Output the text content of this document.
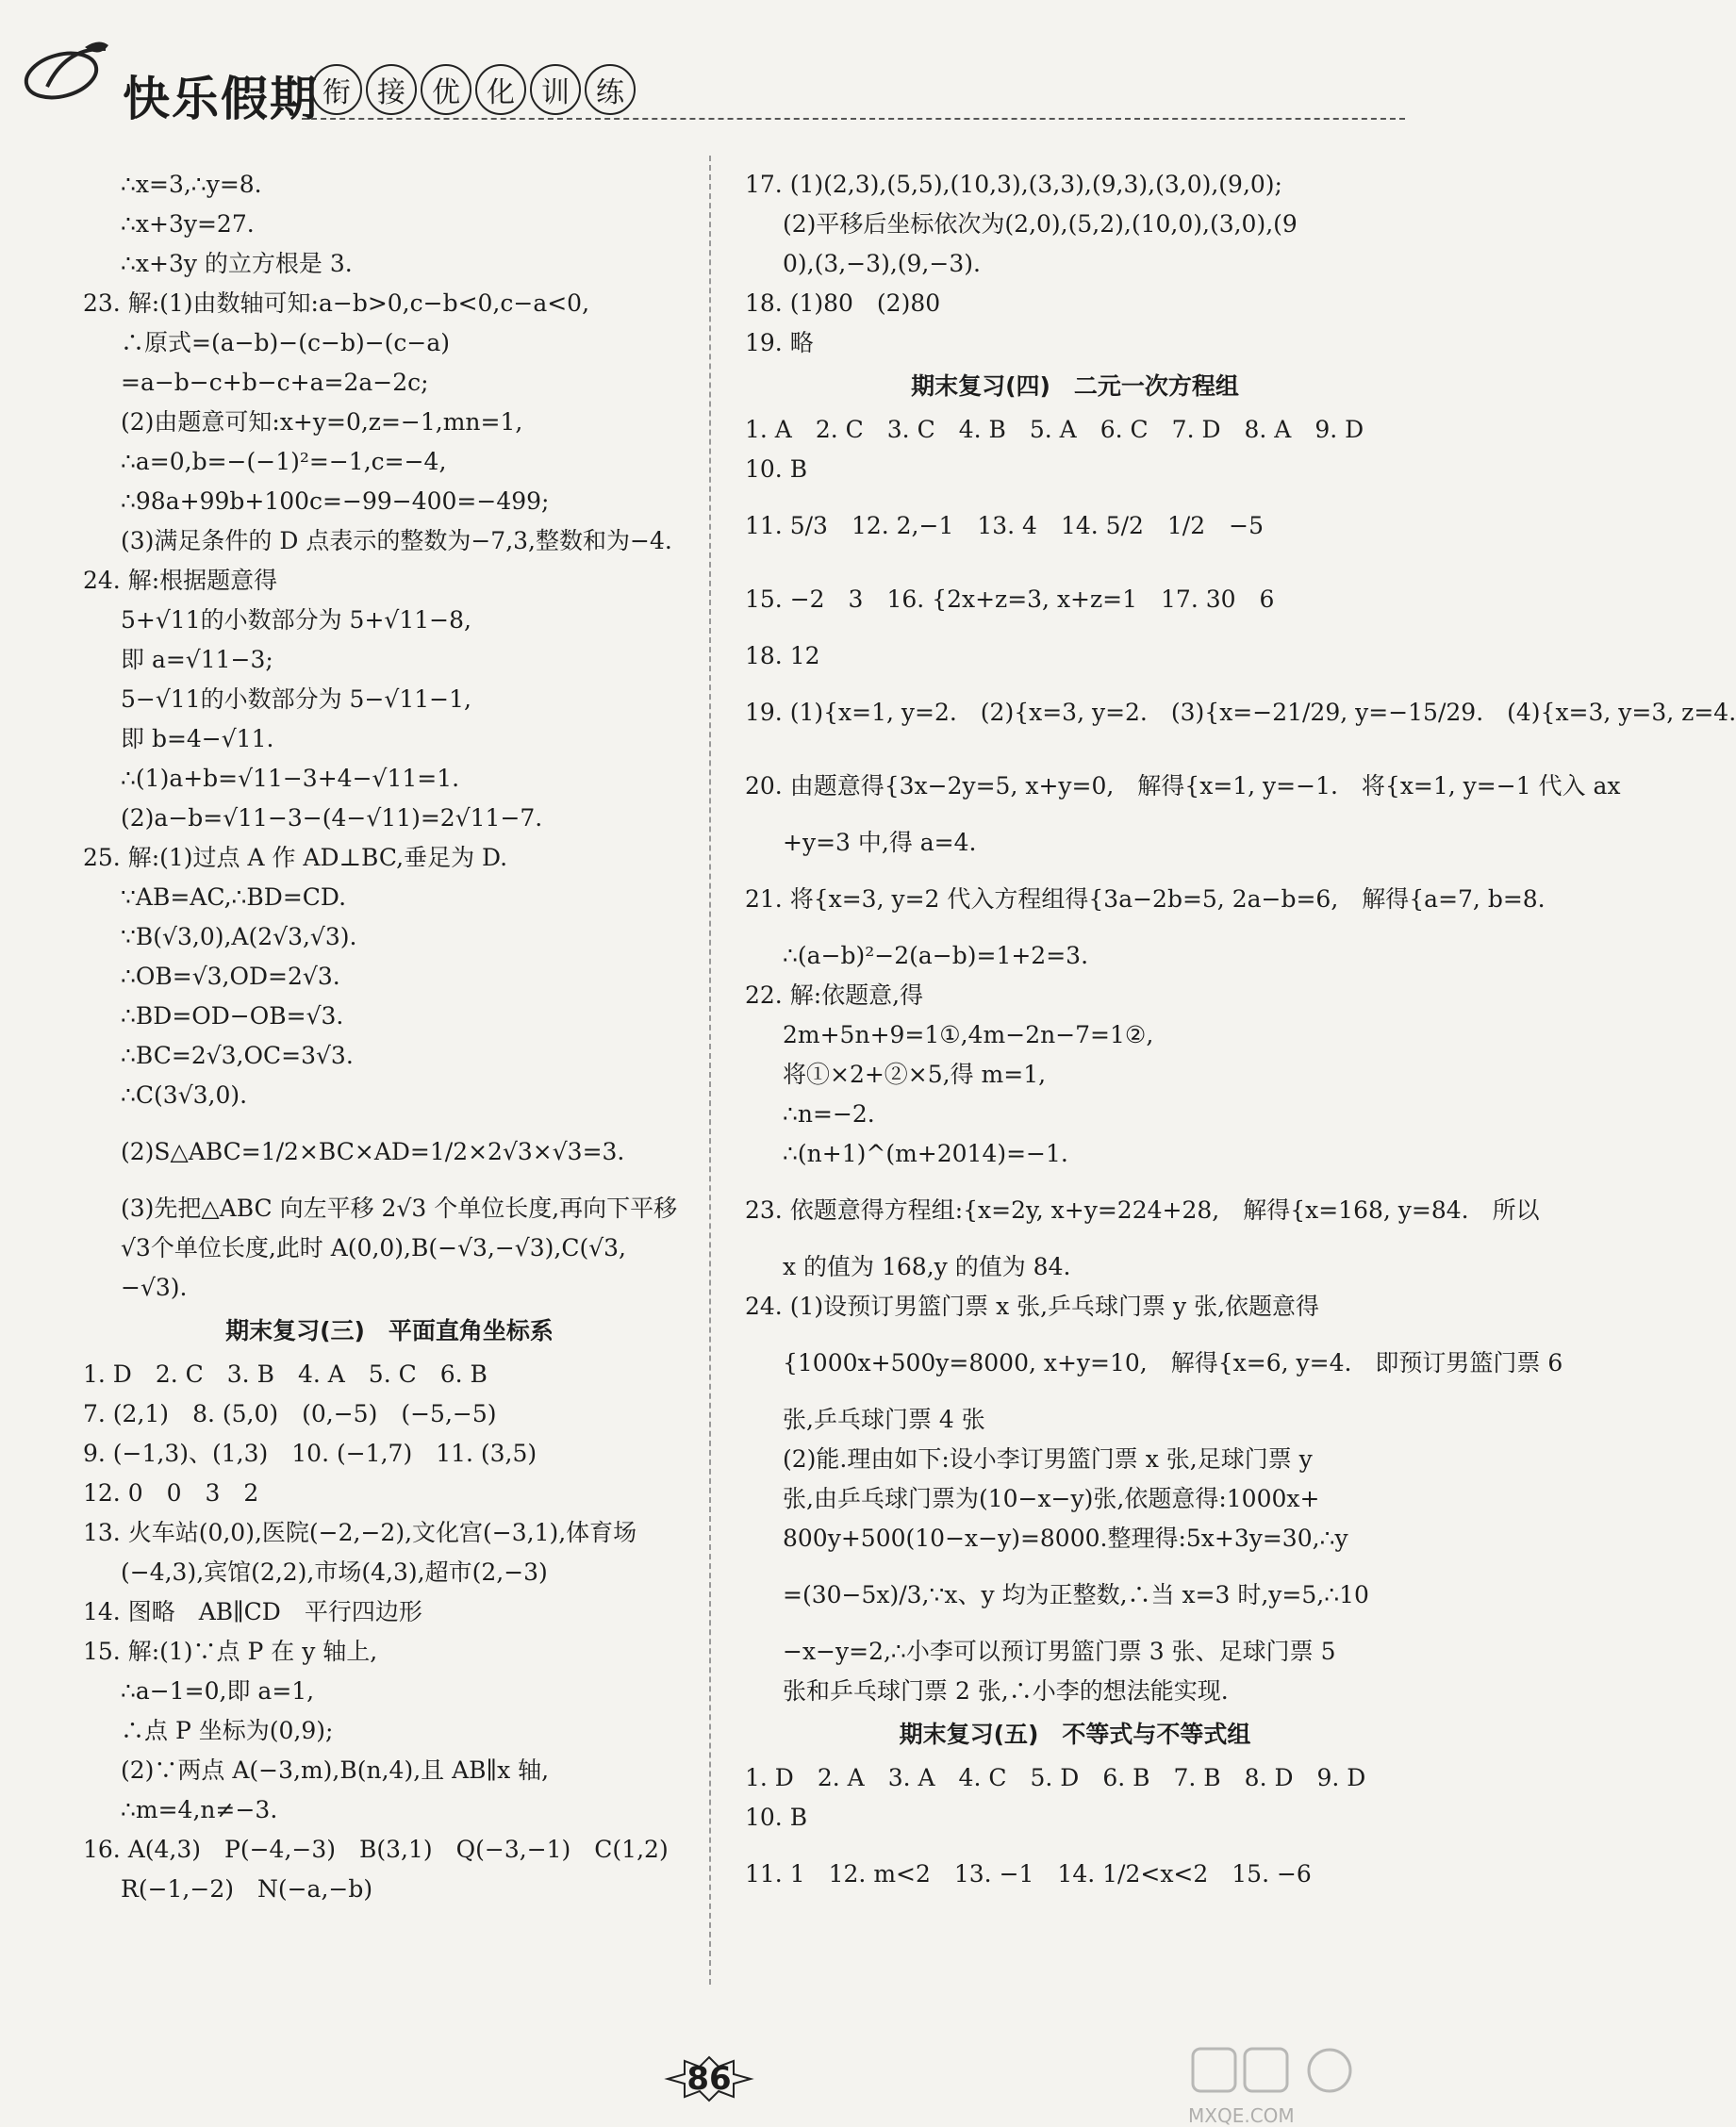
快乐假期 衔 接 优 化 训 练
∴x=3,∴y=8.
∴x+3y=27.
∴x+3y 的立方根是 3.
23. 解:(1)由数轴可知:a−b>0,c−b<0,c−a<0,
∴原式=(a−b)−(c−b)−(c−a)
=a−b−c+b−c+a=2a−2c;
(2)由题意可知:x+y=0,z=−1,mn=1,
∴a=0,b=−(−1)²=−1,c=−4,
∴98a+99b+100c=−99−400=−499;
(3)满足条件的 D 点表示的整数为−7,3,整数和为−4.
24. 解:根据题意得
5+√11的小数部分为 5+√11−8,
即 a=√11−3;
5−√11的小数部分为 5−√11−1,
即 b=4−√11.
∴(1)a+b=√11−3+4−√11=1.
(2)a−b=√11−3−(4−√11)=2√11−7.
25. 解:(1)过点 A 作 AD⊥BC,垂足为 D.
∵AB=AC,∴BD=CD.
∵B(√3,0),A(2√3,√3).
∴OB=√3,OD=2√3.
∴BD=OD−OB=√3.
∴BC=2√3,OC=3√3.
∴C(3√3,0).
(2)S△ABC=1/2×BC×AD=1/2×2√3×√3=3.
(3)先把△ABC 向左平移 2√3 个单位长度,再向下平移
√3个单位长度,此时 A(0,0),B(−√3,−√3),C(√3,
−√3).
期末复习(三)　平面直角坐标系
1. D　2. C　3. B　4. A　5. C　6. B
7. (2,1)　8. (5,0)　(0,−5)　(−5,−5)
9. (−1,3)、(1,3)　10. (−1,7)　11. (3,5)
12. 0　0　3　2
13. 火车站(0,0),医院(−2,−2),文化宫(−3,1),体育场
(−4,3),宾馆(2,2),市场(4,3),超市(2,−3)
14. 图略　AB∥CD　平行四边形
15. 解:(1)∵点 P 在 y 轴上,
∴a−1=0,即 a=1,
∴点 P 坐标为(0,9);
(2)∵两点 A(−3,m),B(n,4),且 AB∥x 轴,
∴m=4,n≠−3.
16. A(4,3)　P(−4,−3)　B(3,1)　Q(−3,−1)　C(1,2)
R(−1,−2)　N(−a,−b)
17. (1)(2,3),(5,5),(10,3),(3,3),(9,3),(3,0),(9,0);
(2)平移后坐标依次为(2,0),(5,2),(10,0),(3,0),(9
0),(3,−3),(9,−3).
18. (1)80　(2)80
19. 略
期末复习(四)　二元一次方程组
1. A　2. C　3. C　4. B　5. A　6. C　7. D　8. A　9. D
10. B
11. 5/3　12. 2,−1　13. 4　14. 5/2　1/2　−5
15. −2　3　16. {2x+z=3, x+z=1　17. 30　6
18. 12
19. (1){x=1, y=2.　(2){x=3, y=2.　(3){x=−21/29, y=−15/29.　(4){x=3, y=3, z=4.
20. 由题意得{3x−2y=5, x+y=0,　解得{x=1, y=−1.　将{x=1, y=−1 代入 ax
+y=3 中,得 a=4.
21. 将{x=3, y=2 代入方程组得{3a−2b=5, 2a−b=6,　解得{a=7, b=8.
∴(a−b)²−2(a−b)=1+2=3.
22. 解:依题意,得
2m+5n+9=1①,4m−2n−7=1②,
将①×2+②×5,得 m=1,
∴n=−2.
∴(n+1)^(m+2014)=−1.
23. 依题意得方程组:{x=2y, x+y=224+28,　解得{x=168, y=84.　所以
x 的值为 168,y 的值为 84.
24. (1)设预订男篮门票 x 张,乒乓球门票 y 张,依题意得
{1000x+500y=8000, x+y=10,　解得{x=6, y=4.　即预订男篮门票 6
张,乒乓球门票 4 张
(2)能.理由如下:设小李订男篮门票 x 张,足球门票 y
张,由乒乓球门票为(10−x−y)张,依题意得:1000x+
800y+500(10−x−y)=8000.整理得:5x+3y=30,∴y
=(30−5x)/3,∵x、y 均为正整数,∴当 x=3 时,y=5,∴10
−x−y=2,∴小李可以预订男篮门票 3 张、足球门票 5
张和乒乓球门票 2 张,∴小李的想法能实现.
期末复习(五)　不等式与不等式组
1. D　2. A　3. A　4. C　5. D　6. B　7. B　8. D　9. D
10. B
11. 1　12. m<2　13. −1　14. 1/2<x<2　15. −6
86
MXQE.COM
